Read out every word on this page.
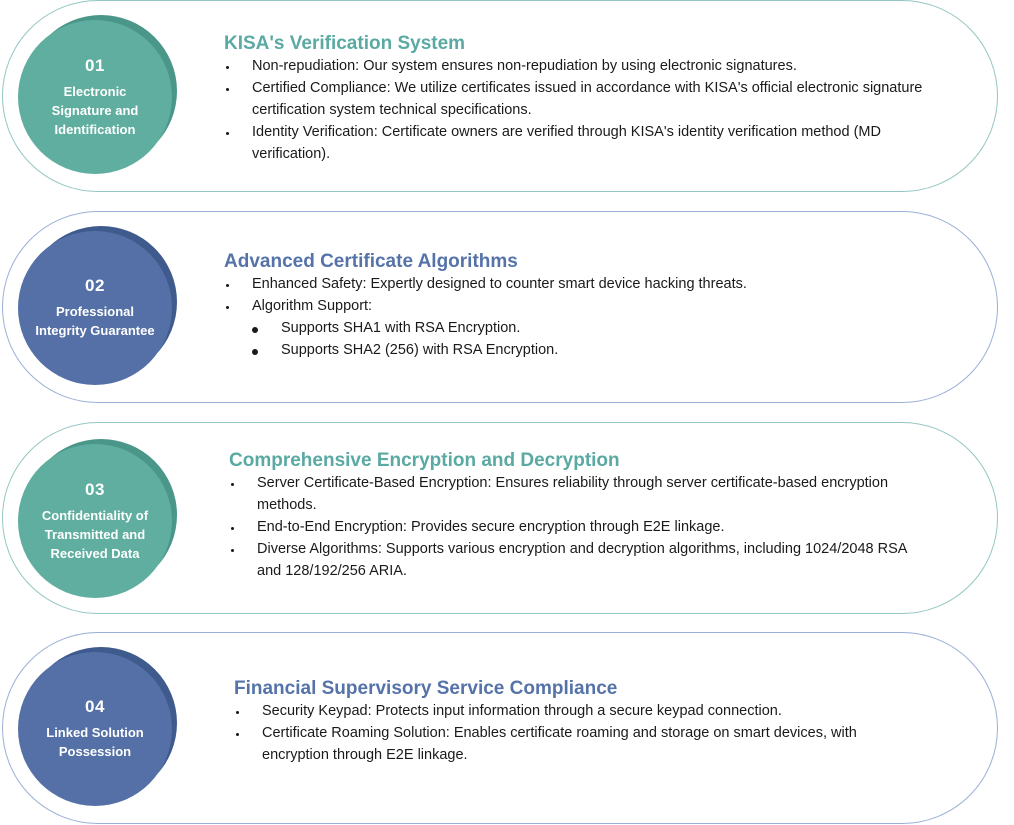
01
Electronic Signature and Identification
KISA's Verification System
Non-repudiation: Our system ensures non-repudiation by using electronic signatures.
Certified Compliance: We utilize certificates issued in accordance with KISA's official electronic signature certification system technical specifications.
Identity Verification: Certificate owners are verified through KISA's identity verification method (MD verification).
02
Professional Integrity Guarantee
Advanced Certificate Algorithms
Enhanced Safety: Expertly designed to counter smart device hacking threats.
Algorithm Support:
Supports SHA1 with RSA Encryption.
Supports SHA2 (256) with RSA Encryption.
03
Confidentiality of Transmitted and Received Data
Comprehensive Encryption and Decryption
Server Certificate-Based Encryption: Ensures reliability through server certificate-based encryption methods.
End-to-End Encryption: Provides secure encryption through E2E linkage.
Diverse Algorithms: Supports various encryption and decryption algorithms, including 1024/2048 RSA and 128/192/256 ARIA.
04
Linked Solution Possession
Financial Supervisory Service Compliance
Security Keypad: Protects input information through a secure keypad connection.
Certificate Roaming Solution: Enables certificate roaming and storage on smart devices, with encryption through E2E linkage.
